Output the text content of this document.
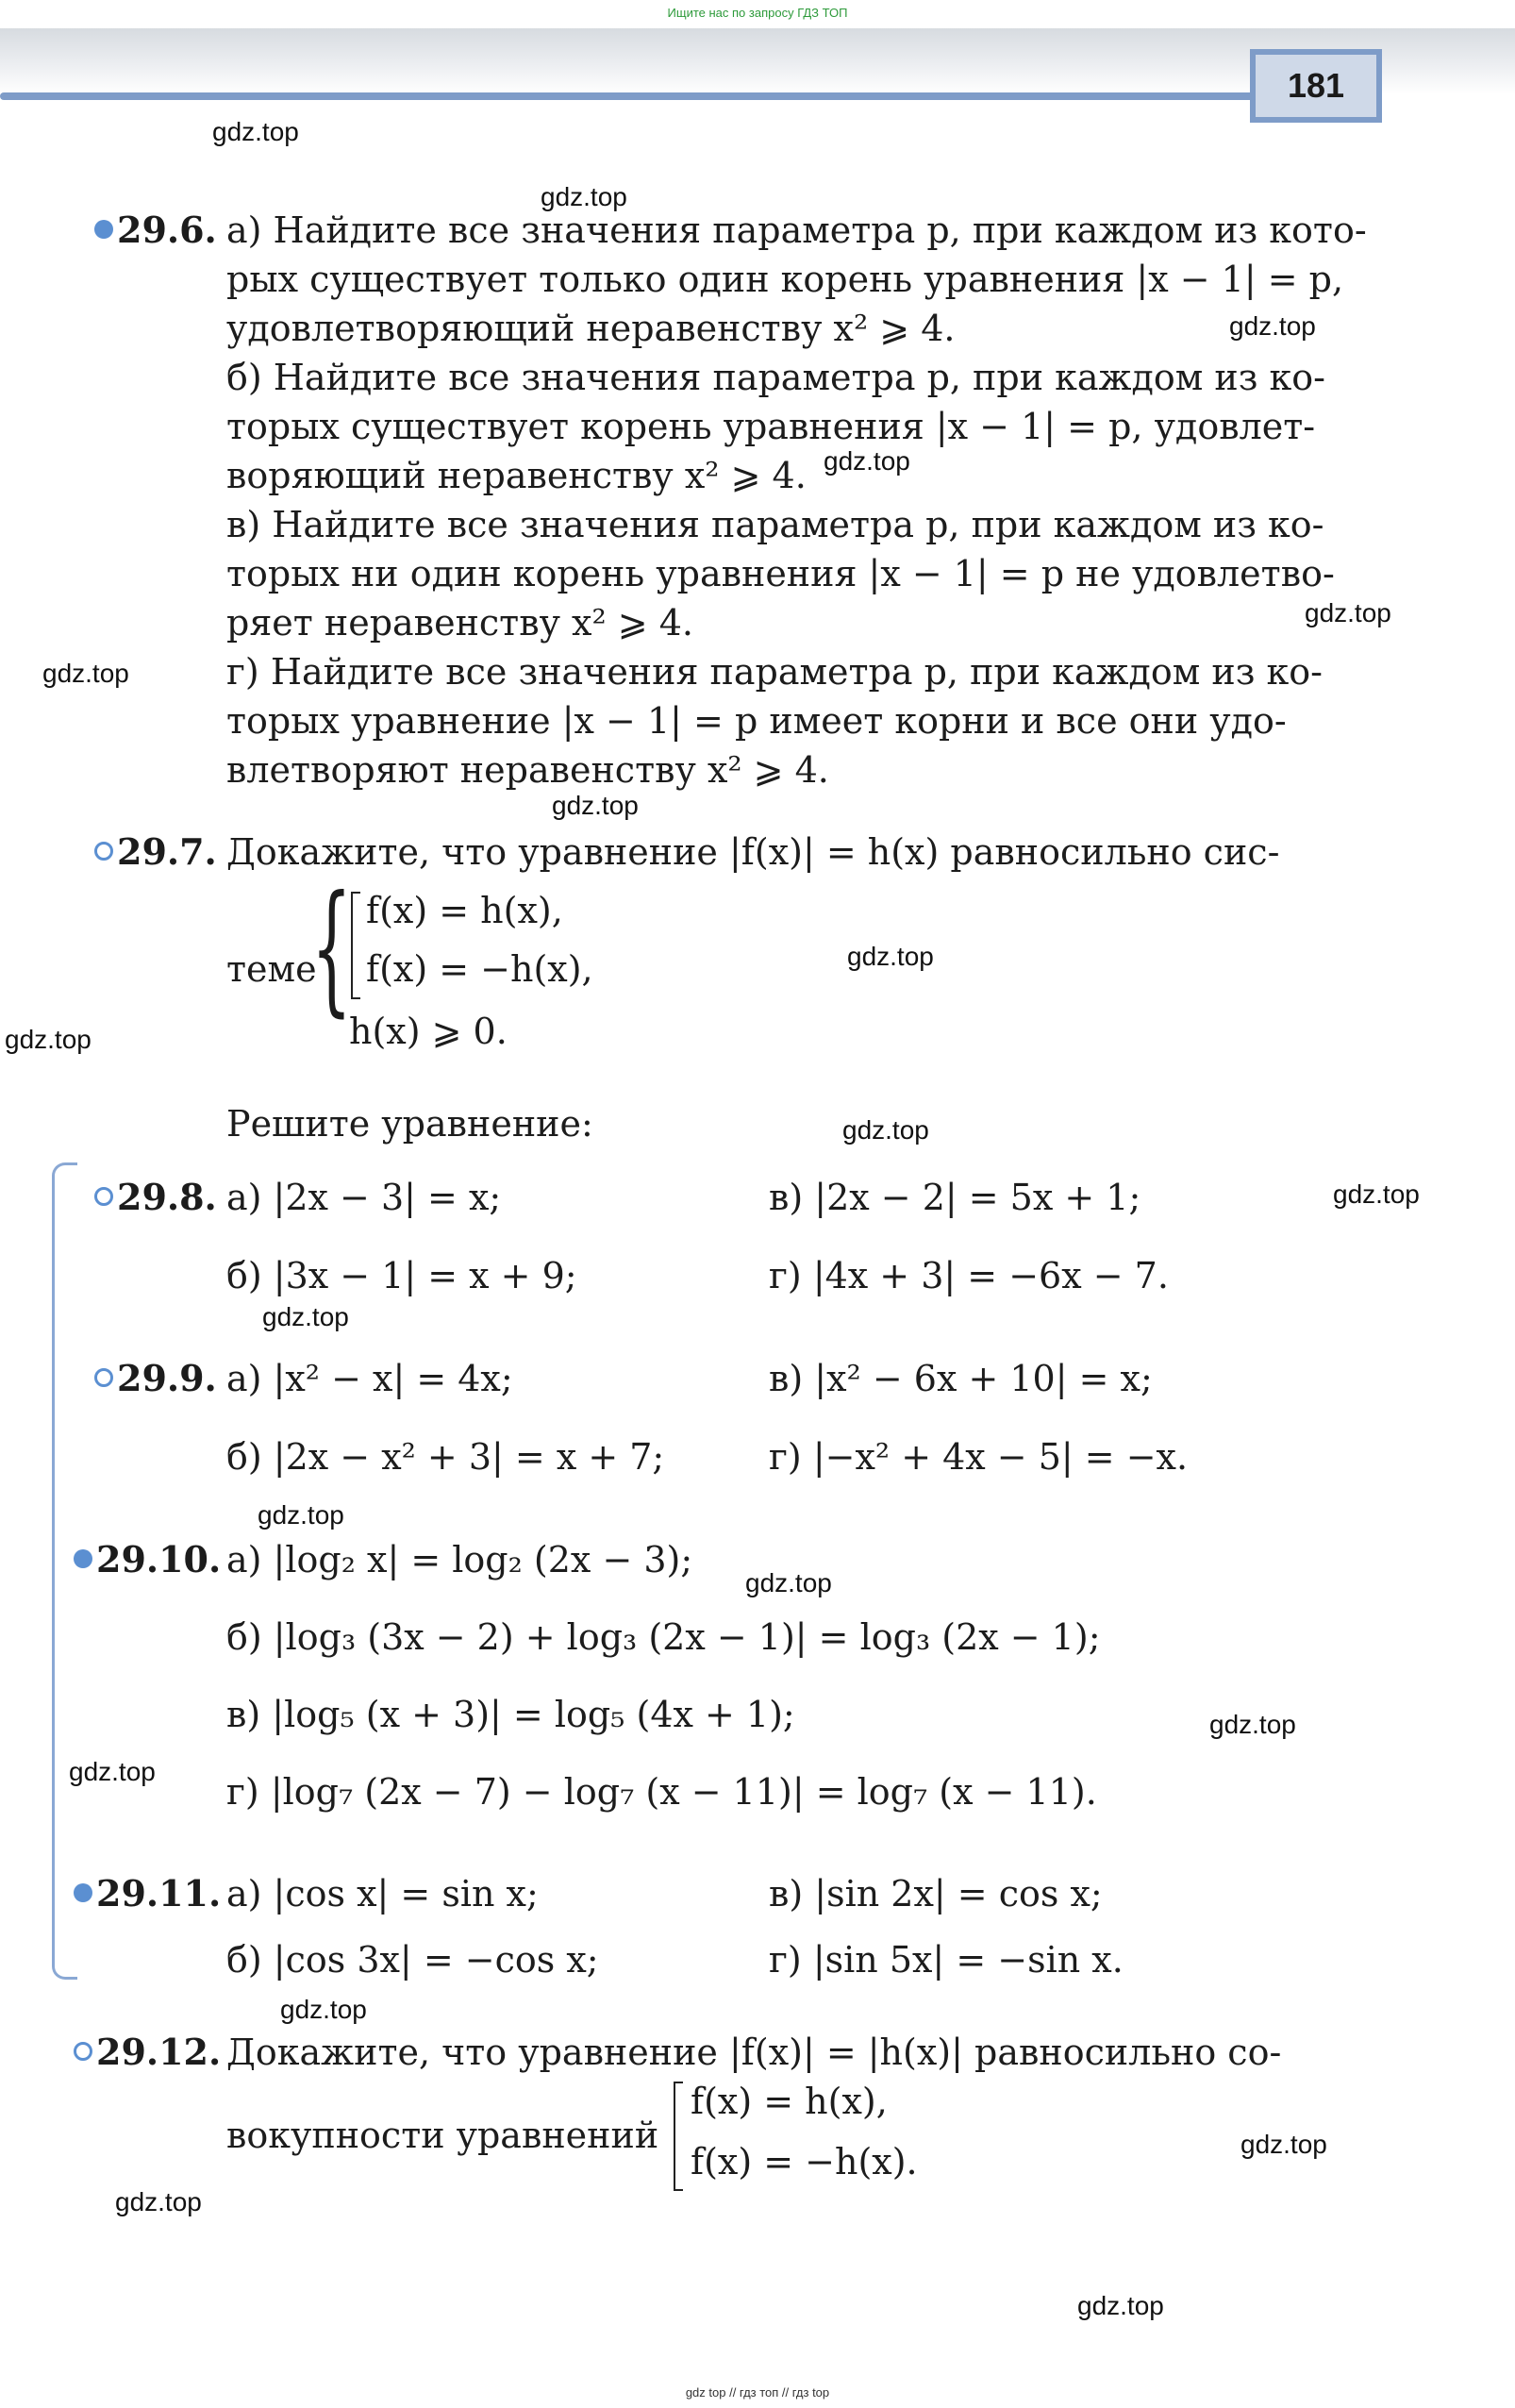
Ищите нас по запросу ГДЗ ТОП
181
gdz.top
gdz.top
gdz.top
gdz.top
gdz.top
gdz.top
gdz.top
gdz.top
gdz.top
gdz.top
gdz.top
gdz.top
gdz.top
gdz.top
gdz.top
gdz.top
gdz.top
gdz.top
gdz.top
gdz.top
29.6. а) Найдите все значения параметра p, при каждом из кото-
рых существует только один корень уравнения |x − 1| = p,
удовлетворяющий неравенству x² ⩾ 4.
б) Найдите все значения параметра p, при каждом из ко-
торых существует корень уравнения |x − 1| = p, удовлет-
воряющий неравенству x² ⩾ 4.
в) Найдите все значения параметра p, при каждом из ко-
торых ни один корень уравнения |x − 1| = p не удовлетво-
ряет неравенству x² ⩾ 4.
г) Найдите все значения параметра p, при каждом из ко-
торых уравнение |x − 1| = p имеет корни и все они удо-
влетворяют неравенству x² ⩾ 4.
29.7. Докажите, что уравнение |f(x)| = h(x) равносильно сис-
теме
{ f(x) = h(x),
f(x) = −h(x),
h(x) ⩾ 0.
Решите уравнение:
29.8. а) |2x − 3| = x;	в) |2x − 2| = 5x + 1;
б) |3x − 1| = x + 9;	г) |4x + 3| = −6x − 7.
29.9. а) |x² − x| = 4x;	в) |x² − 6x + 10| = x;
б) |2x − x² + 3| = x + 7;	г) |−x² + 4x − 5| = −x.
29.10. а) |log₂ x| = log₂ (2x − 3);
б) |log₃ (3x − 2) + log₃ (2x − 1)| = log₃ (2x − 1);
в) |log₅ (x + 3)| = log₅ (4x + 1);
г) |log₇ (2x − 7) − log₇ (x − 11)| = log₇ (x − 11).
29.11. а) |cos x| = sin x;	в) |sin 2x| = cos x;
б) |cos 3x| = −cos x;	г) |sin 5x| = −sin x.
29.12. Докажите, что уравнение |f(x)| = |h(x)| равносильно со-
вокупности уравнений
f(x) = h(x),
f(x) = −h(x).
gdz top // гдз топ // гдз top
